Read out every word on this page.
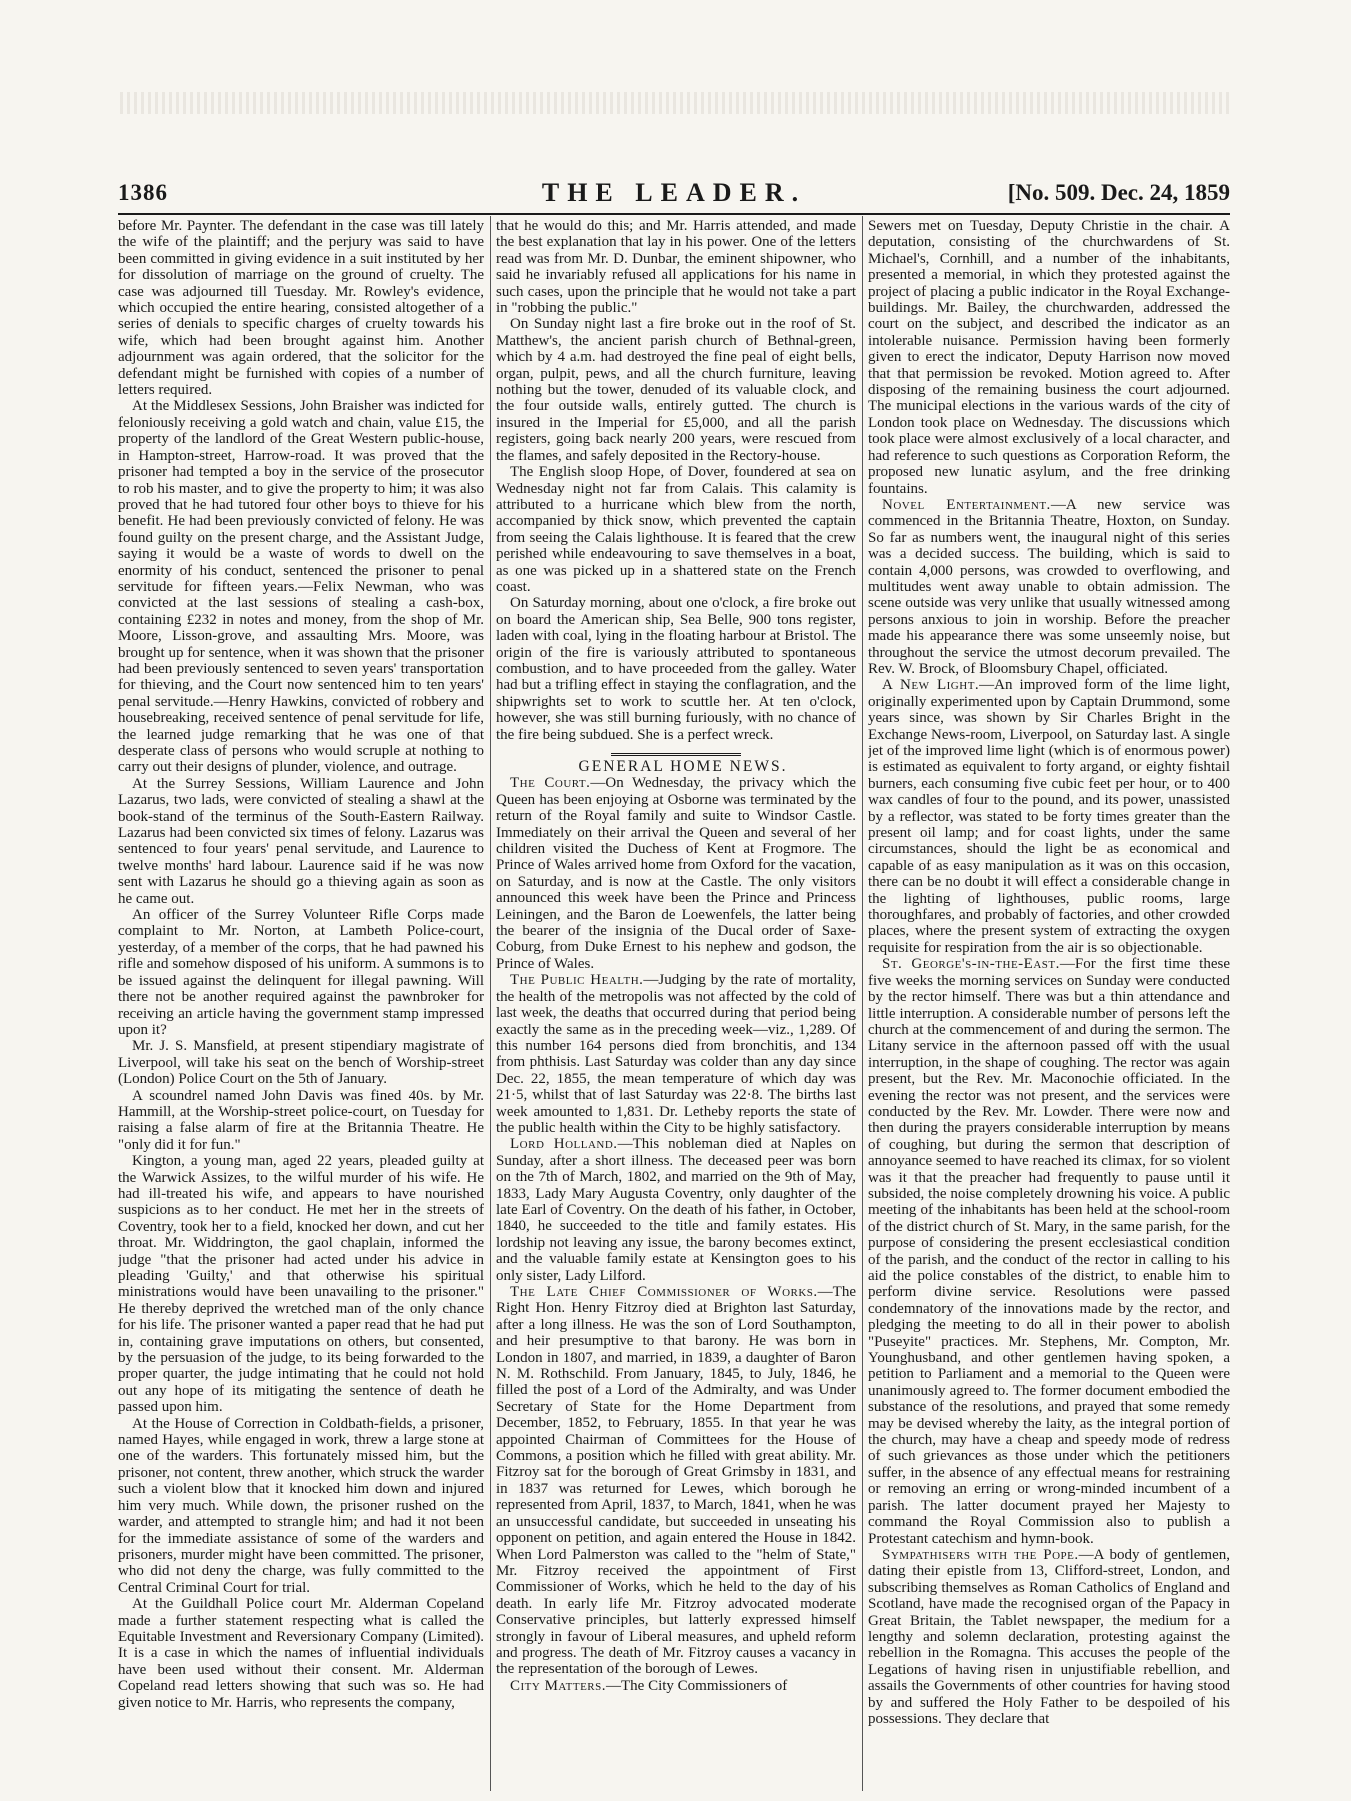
1386	THE LEADER.	[No. 509. Dec. 24, 1859

before Mr. Paynter. The defendant in the case was till lately the wife of the plaintiff; and the perjury was said to have been committed in giving evidence in a suit instituted by her for dissolution of marriage on the ground of cruelty. The case was adjourned till Tuesday. Mr. Rowley's evidence, which occupied the entire hearing, consisted altogether of a series of denials to specific charges of cruelty towards his wife, which had been brought against him. Another adjournment was again ordered, that the solicitor for the defendant might be furnished with copies of a number of letters required.

At the Middlesex Sessions, John Braisher was indicted for feloniously receiving a gold watch and chain, value £15, the property of the landlord of the Great Western public-house, in Hampton-street, Harrow-road. It was proved that the prisoner had tempted a boy in the service of the prosecutor to rob his master, and to give the property to him; it was also proved that he had tutored four other boys to thieve for his benefit. He had been previously convicted of felony. He was found guilty on the present charge, and the Assistant Judge, saying it would be a waste of words to dwell on the enormity of his conduct, sentenced the prisoner to penal servitude for fifteen years.—Felix Newman, who was convicted at the last sessions of stealing a cash-box, containing £232 in notes and money, from the shop of Mr. Moore, Lisson-grove, and assaulting Mrs. Moore, was brought up for sentence, when it was shown that the prisoner had been previously sentenced to seven years' transportation for thieving, and the Court now sentenced him to ten years' penal servitude.—Henry Hawkins, convicted of robbery and housebreaking, received sentence of penal servitude for life, the learned judge remarking that he was one of that desperate class of persons who would scruple at nothing to carry out their designs of plunder, violence, and outrage.

At the Surrey Sessions, William Laurence and John Lazarus, two lads, were convicted of stealing a shawl at the book-stand of the terminus of the South-Eastern Railway. Lazarus had been convicted six times of felony. Lazarus was sentenced to four years' penal servitude, and Laurence to twelve months' hard labour. Laurence said if he was now sent with Lazarus he should go a thieving again as soon as he came out.

An officer of the Surrey Volunteer Rifle Corps made complaint to Mr. Norton, at Lambeth Police-court, yesterday, of a member of the corps, that he had pawned his rifle and somehow disposed of his uniform. A summons is to be issued against the delinquent for illegal pawning. Will there not be another required against the pawnbroker for receiving an article having the government stamp impressed upon it?

Mr. J. S. Mansfield, at present stipendiary magistrate of Liverpool, will take his seat on the bench of Worship-street (London) Police Court on the 5th of January.

A scoundrel named John Davis was fined 40s. by Mr. Hammill, at the Worship-street police-court, on Tuesday for raising a false alarm of fire at the Britannia Theatre. He "only did it for fun."

Kington, a young man, aged 22 years, pleaded guilty at the Warwick Assizes, to the wilful murder of his wife. He had ill-treated his wife, and appears to have nourished suspicions as to her conduct. He met her in the streets of Coventry, took her to a field, knocked her down, and cut her throat. Mr. Widdrington, the gaol chaplain, informed the judge "that the prisoner had acted under his advice in pleading 'Guilty,' and that otherwise his spiritual ministrations would have been unavailing to the prisoner." He thereby deprived the wretched man of the only chance for his life. The prisoner wanted a paper read that he had put in, containing grave imputations on others, but consented, by the persuasion of the judge, to its being forwarded to the proper quarter, the judge intimating that he could not hold out any hope of its mitigating the sentence of death he passed upon him.

At the House of Correction in Coldbath-fields, a prisoner, named Hayes, while engaged in work, threw a large stone at one of the warders. This fortunately missed him, but the prisoner, not content, threw another, which struck the warder such a violent blow that it knocked him down and injured him very much. While down, the prisoner rushed on the warder, and attempted to strangle him; and had it not been for the immediate assistance of some of the warders and prisoners, murder might have been committed. The prisoner, who did not deny the charge, was fully committed to the Central Criminal Court for trial.

At the Guildhall Police court Mr. Alderman Copeland made a further statement respecting what is called the Equitable Investment and Reversionary Company (Limited). It is a case in which the names of influential individuals have been used without their consent. Mr. Alderman Copeland read letters showing that such was so. He had given notice to Mr. Harris, who represents the company,

that he would do this; and Mr. Harris attended, and made the best explanation that lay in his power. One of the letters read was from Mr. D. Dunbar, the eminent shipowner, who said he invariably refused all applications for his name in such cases, upon the principle that he would not take a part in "robbing the public."

On Sunday night last a fire broke out in the roof of St. Matthew's, the ancient parish church of Bethnal-green, which by 4 a.m. had destroyed the fine peal of eight bells, organ, pulpit, pews, and all the church furniture, leaving nothing but the tower, denuded of its valuable clock, and the four outside walls, entirely gutted. The church is insured in the Imperial for £5,000, and all the parish registers, going back nearly 200 years, were rescued from the flames, and safely deposited in the Rectory-house.

The English sloop Hope, of Dover, foundered at sea on Wednesday night not far from Calais. This calamity is attributed to a hurricane which blew from the north, accompanied by thick snow, which prevented the captain from seeing the Calais lighthouse. It is feared that the crew perished while endeavouring to save themselves in a boat, as one was picked up in a shattered state on the French coast.

On Saturday morning, about one o'clock, a fire broke out on board the American ship, Sea Belle, 900 tons register, laden with coal, lying in the floating harbour at Bristol. The origin of the fire is variously attributed to spontaneous combustion, and to have proceeded from the galley. Water had but a trifling effect in staying the conflagration, and the shipwrights set to work to scuttle her. At ten o'clock, however, she was still burning furiously, with no chance of the fire being subdued. She is a perfect wreck.

GENERAL HOME NEWS.

The Court.—On Wednesday, the privacy which the Queen has been enjoying at Osborne was terminated by the return of the Royal family and suite to Windsor Castle. Immediately on their arrival the Queen and several of her children visited the Duchess of Kent at Frogmore. The Prince of Wales arrived home from Oxford for the vacation, on Saturday, and is now at the Castle. The only visitors announced this week have been the Prince and Princess Leiningen, and the Baron de Loewenfels, the latter being the bearer of the insignia of the Ducal order of Saxe-Coburg, from Duke Ernest to his nephew and godson, the Prince of Wales.

The Public Health.—Judging by the rate of mortality, the health of the metropolis was not affected by the cold of last week, the deaths that occurred during that period being exactly the same as in the preceding week—viz., 1,289. Of this number 164 persons died from bronchitis, and 134 from phthisis. Last Saturday was colder than any day since Dec. 22, 1855, the mean temperature of which day was 21·5, whilst that of last Saturday was 22·8. The births last week amounted to 1,831. Dr. Letheby reports the state of the public health within the City to be highly satisfactory.

Lord Holland.—This nobleman died at Naples on Sunday, after a short illness. The deceased peer was born on the 7th of March, 1802, and married on the 9th of May, 1833, Lady Mary Augusta Coventry, only daughter of the late Earl of Coventry. On the death of his father, in October, 1840, he succeeded to the title and family estates. His lordship not leaving any issue, the barony becomes extinct, and the valuable family estate at Kensington goes to his only sister, Lady Lilford.

The Late Chief Commissioner of Works.—The Right Hon. Henry Fitzroy died at Brighton last Saturday, after a long illness. He was the son of Lord Southampton, and heir presumptive to that barony. He was born in London in 1807, and married, in 1839, a daughter of Baron N. M. Rothschild. From January, 1845, to July, 1846, he filled the post of a Lord of the Admiralty, and was Under Secretary of State for the Home Department from December, 1852, to February, 1855. In that year he was appointed Chairman of Committees for the House of Commons, a position which he filled with great ability. Mr. Fitzroy sat for the borough of Great Grimsby in 1831, and in 1837 was returned for Lewes, which borough he represented from April, 1837, to March, 1841, when he was an unsuccessful candidate, but succeeded in unseating his opponent on petition, and again entered the House in 1842. When Lord Palmerston was called to the "helm of State," Mr. Fitzroy received the appointment of First Commissioner of Works, which he held to the day of his death. In early life Mr. Fitzroy advocated moderate Conservative principles, but latterly expressed himself strongly in favour of Liberal measures, and upheld reform and progress. The death of Mr. Fitzroy causes a vacancy in the representation of the borough of Lewes.

City Matters.—The City Commissioners of

Sewers met on Tuesday, Deputy Christie in the chair. A deputation, consisting of the churchwardens of St. Michael's, Cornhill, and a number of the inhabitants, presented a memorial, in which they protested against the project of placing a public indicator in the Royal Exchange-buildings. Mr. Bailey, the churchwarden, addressed the court on the subject, and described the indicator as an intolerable nuisance. Permission having been formerly given to erect the indicator, Deputy Harrison now moved that that permission be revoked. Motion agreed to. After disposing of the remaining business the court adjourned. The municipal elections in the various wards of the city of London took place on Wednesday. The discussions which took place were almost exclusively of a local character, and had reference to such questions as Corporation Reform, the proposed new lunatic asylum, and the free drinking fountains.

Novel Entertainment.—A new service was commenced in the Britannia Theatre, Hoxton, on Sunday. So far as numbers went, the inaugural night of this series was a decided success. The building, which is said to contain 4,000 persons, was crowded to overflowing, and multitudes went away unable to obtain admission. The scene outside was very unlike that usually witnessed among persons anxious to join in worship. Before the preacher made his appearance there was some unseemly noise, but throughout the service the utmost decorum prevailed. The Rev. W. Brock, of Bloomsbury Chapel, officiated.

A New Light.—An improved form of the lime light, originally experimented upon by Captain Drummond, some years since, was shown by Sir Charles Bright in the Exchange News-room, Liverpool, on Saturday last. A single jet of the improved lime light (which is of enormous power) is estimated as equivalent to forty argand, or eighty fishtail burners, each consuming five cubic feet per hour, or to 400 wax candles of four to the pound, and its power, unassisted by a reflector, was stated to be forty times greater than the present oil lamp; and for coast lights, under the same circumstances, should the light be as economical and capable of as easy manipulation as it was on this occasion, there can be no doubt it will effect a considerable change in the lighting of lighthouses, public rooms, large thoroughfares, and probably of factories, and other crowded places, where the present system of extracting the oxygen requisite for respiration from the air is so objectionable.

St. George's-in-the-East.—For the first time these five weeks the morning services on Sunday were conducted by the rector himself. There was but a thin attendance and little interruption. A considerable number of persons left the church at the commencement of and during the sermon. The Litany service in the afternoon passed off with the usual interruption, in the shape of coughing. The rector was again present, but the Rev. Mr. Maconochie officiated. In the evening the rector was not present, and the services were conducted by the Rev. Mr. Lowder. There were now and then during the prayers considerable interruption by means of coughing, but during the sermon that description of annoyance seemed to have reached its climax, for so violent was it that the preacher had frequently to pause until it subsided, the noise completely drowning his voice. A public meeting of the inhabitants has been held at the school-room of the district church of St. Mary, in the same parish, for the purpose of considering the present ecclesiastical condition of the parish, and the conduct of the rector in calling to his aid the police constables of the district, to enable him to perform divine service. Resolutions were passed condemnatory of the innovations made by the rector, and pledging the meeting to do all in their power to abolish "Puseyite" practices. Mr. Stephens, Mr. Compton, Mr. Younghusband, and other gentlemen having spoken, a petition to Parliament and a memorial to the Queen were unanimously agreed to. The former document embodied the substance of the resolutions, and prayed that some remedy may be devised whereby the laity, as the integral portion of the church, may have a cheap and speedy mode of redress of such grievances as those under which the petitioners suffer, in the absence of any effectual means for restraining or removing an erring or wrong-minded incumbent of a parish. The latter document prayed her Majesty to command the Royal Commission also to publish a Protestant catechism and hymn-book.

Sympathisers with the Pope.—A body of gentlemen, dating their epistle from 13, Clifford-street, London, and subscribing themselves as Roman Catholics of England and Scotland, have made the recognised organ of the Papacy in Great Britain, the Tablet newspaper, the medium for a lengthy and solemn declaration, protesting against the rebellion in the Romagna. This accuses the people of the Legations of having risen in unjustifiable rebellion, and assails the Governments of other countries for having stood by and suffered the Holy Father to be despoiled of his possessions. They declare that
